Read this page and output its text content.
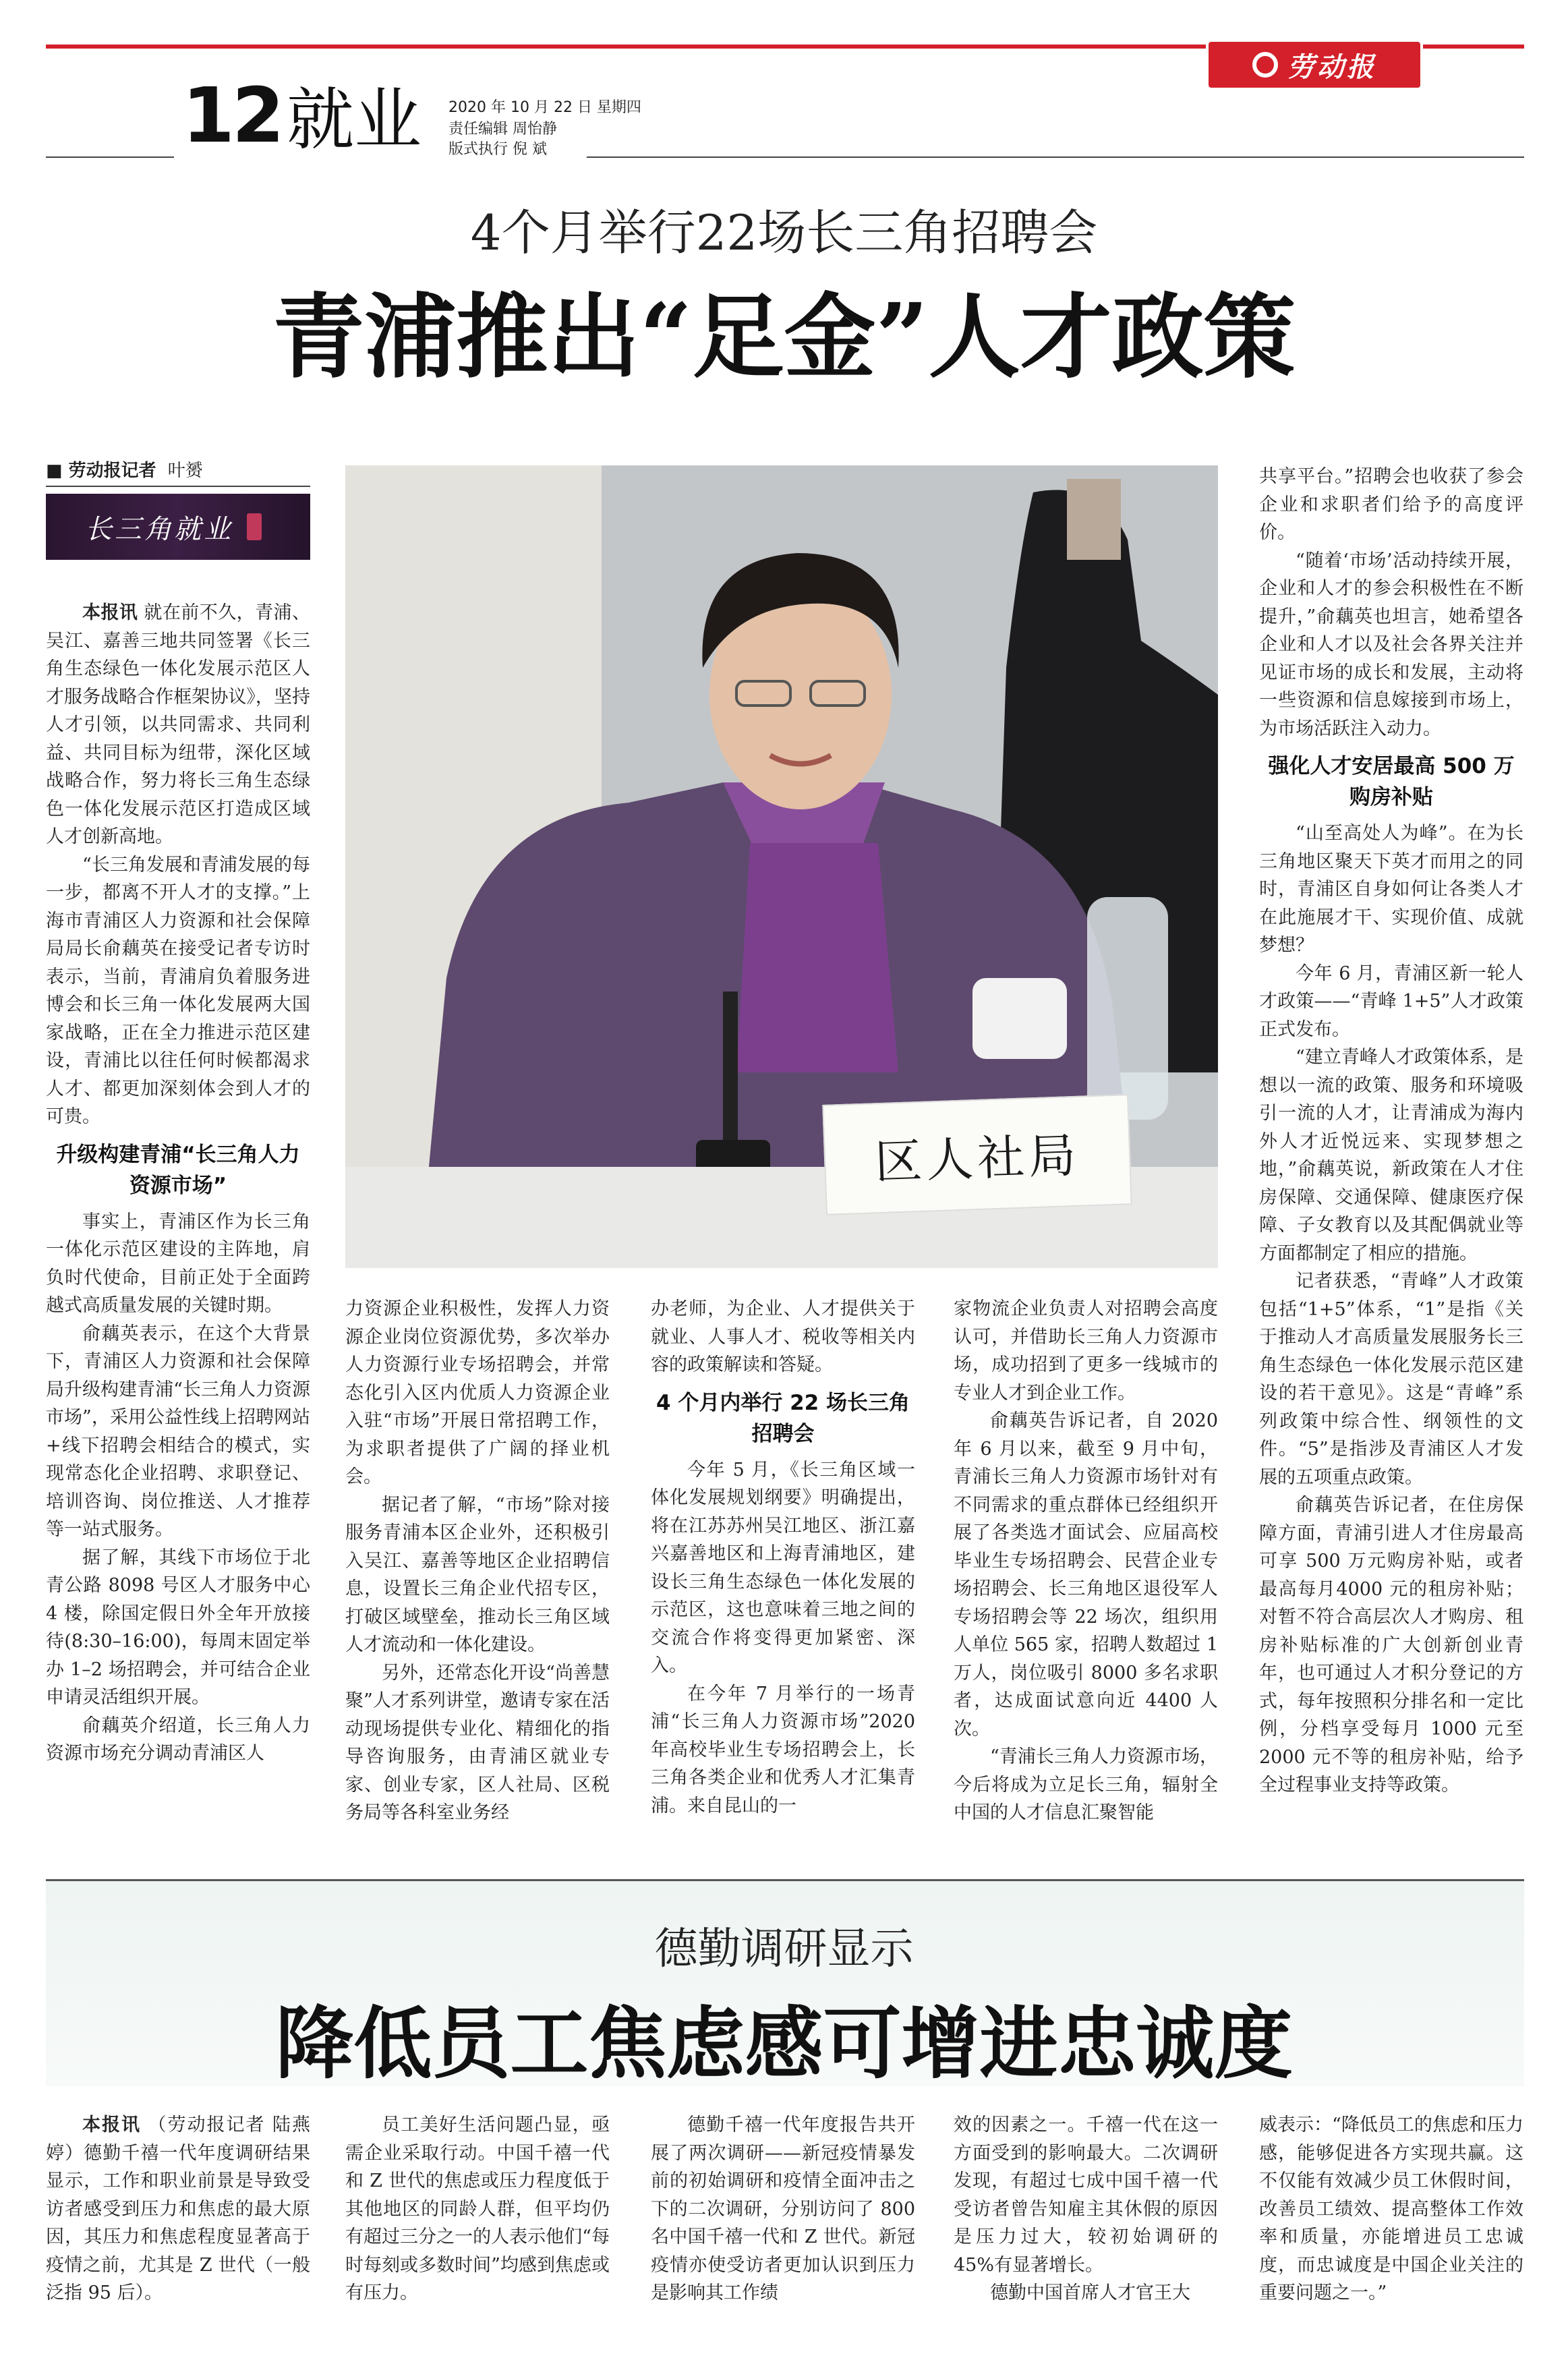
劳动报
12 就业 2020 年 10 月 22 日 星期四
责任编辑 周怡静
版式执行 倪 斌
4个月举行22场长三角招聘会
青浦推出“足金”人才政策
■ 劳动报记者 叶赟
长三角就业
区人社局

本报讯 就在前不久，青浦、吴江、嘉善三地共同签署《长三角生态绿色一体化发展示范区人才服务战略合作框架协议》，坚持人才引领，以共同需求、共同利益、共同目标为纽带，深化区域战略合作，努力将长三角生态绿色一体化发展示范区打造成区域人才创新高地。

“长三角发展和青浦发展的每一步，都离不开人才的支撑。”上海市青浦区人力资源和社会保障局局长俞藕英在接受记者专访时表示，当前，青浦肩负着服务进博会和长三角一体化发展两大国家战略，正在全力推进示范区建设，青浦比以往任何时候都渴求人才、都更加深刻体会到人才的可贵。

升级构建青浦“长三角人力资源市场”

事实上，青浦区作为长三角一体化示范区建设的主阵地，肩负时代使命，目前正处于全面跨越式高质量发展的关键时期。

俞藕英表示，在这个大背景下，青浦区人力资源和社会保障局升级构建青浦“长三角人力资源市场”，采用公益性线上招聘网站+线下招聘会相结合的模式，实现常态化企业招聘、求职登记、培训咨询、岗位推送、人才推荐等一站式服务。

据了解，其线下市场位于北青公路 8098 号区人才服务中心 4 楼，除国定假日外全年开放接待(8:30–16:00)，每周末固定举办 1–2 场招聘会，并可结合企业申请灵活组织开展。

俞藕英介绍道，长三角人力资源市场充分调动青浦区人

力资源企业积极性，发挥人力资源企业岗位资源优势，多次举办人力资源行业专场招聘会，并常态化引入区内优质人力资源企业入驻“市场”开展日常招聘工作，为求职者提供了广阔的择业机会。

据记者了解，“市场”除对接服务青浦本区企业外，还积极引入吴江、嘉善等地区企业招聘信息，设置长三角企业代招专区，打破区域壁垒，推动长三角区域人才流动和一体化建设。

另外，还常态化开设“尚善慧聚”人才系列讲堂，邀请专家在活动现场提供专业化、精细化的指导咨询服务，由青浦区就业专家、创业专家，区人社局、区税务局等各科室业务经

办老师，为企业、人才提供关于就业、人事人才、税收等相关内容的政策解读和答疑。

4 个月内举行 22 场长三角招聘会

今年 5 月，《长三角区域一体化发展规划纲要》明确提出，将在江苏苏州吴江地区、浙江嘉兴嘉善地区和上海青浦地区，建设长三角生态绿色一体化发展的示范区，这也意味着三地之间的交流合作将变得更加紧密、深入。

在今年 7 月举行的一场青浦“长三角人力资源市场”2020 年高校毕业生专场招聘会上，长三角各类企业和优秀人才汇集青浦。来自昆山的一

家物流企业负责人对招聘会高度认可，并借助长三角人力资源市场，成功招到了更多一线城市的专业人才到企业工作。

俞藕英告诉记者，自 2020 年 6 月以来，截至 9 月中旬，青浦长三角人力资源市场针对有不同需求的重点群体已经组织开展了各类选才面试会、应届高校毕业生专场招聘会、民营企业专场招聘会、长三角地区退役军人专场招聘会等 22 场次，组织用人单位 565 家，招聘人数超过 1 万人，岗位吸引 8000 多名求职者，达成面试意向近 4400 人次。

“青浦长三角人力资源市场，今后将成为立足长三角，辐射全中国的人才信息汇聚智能

共享平台。”招聘会也收获了参会企业和求职者们给予的高度评价。

“随着‘市场’活动持续开展，企业和人才的参会积极性在不断提升，”俞藕英也坦言，她希望各企业和人才以及社会各界关注并见证市场的成长和发展，主动将一些资源和信息嫁接到市场上，为市场活跃注入动力。

强化人才安居最高 500 万购房补贴

“山至高处人为峰”。在为长三角地区聚天下英才而用之的同时，青浦区自身如何让各类人才在此施展才干、实现价值、成就梦想？

今年 6 月，青浦区新一轮人才政策——“青峰 1+5”人才政策正式发布。

“建立青峰人才政策体系，是想以一流的政策、服务和环境吸引一流的人才，让青浦成为海内外人才近悦远来、实现梦想之地，”俞藕英说，新政策在人才住房保障、交通保障、健康医疗保障、子女教育以及其配偶就业等方面都制定了相应的措施。

记者获悉，“青峰”人才政策包括“1+5”体系，“1”是指《关于推动人才高质量发展服务长三角生态绿色一体化发展示范区建设的若干意见》。这是“青峰”系列政策中综合性、纲领性的文件。“5”是指涉及青浦区人才发展的五项重点政策。

俞藕英告诉记者，在住房保障方面，青浦引进人才住房最高可享 500 万元购房补贴，或者最高每月4000 元的租房补贴；对暂不符合高层次人才购房、租房补贴标准的广大创新创业青年，也可通过人才积分登记的方式，每年按照积分排名和一定比例，分档享受每月 1000 元至 2000 元不等的租房补贴，给予全过程事业支持等政策。

德勤调研显示
降低员工焦虑感可增进忠诚度

本报讯 （劳动报记者 陆燕婷）德勤千禧一代年度调研结果显示，工作和职业前景是导致受访者感受到压力和焦虑的最大原因，其压力和焦虑程度显著高于疫情之前，尤其是 Z 世代（一般泛指 95 后）。

员工美好生活问题凸显，亟需企业采取行动。中国千禧一代和 Z 世代的焦虑或压力程度低于其他地区的同龄人群，但平均仍有超过三分之一的人表示他们“每时每刻或多数时间”均感到焦虑或有压力。

德勤千禧一代年度报告共开展了两次调研——新冠疫情暴发前的初始调研和疫情全面冲击之下的二次调研，分别访问了 800 名中国千禧一代和 Z 世代。新冠疫情亦使受访者更加认识到压力是影响其工作绩

效的因素之一。千禧一代在这一方面受到的影响最大。二次调研发现，有超过七成中国千禧一代受访者曾告知雇主其休假的原因是压力过大，较初始调研的 45%有显著增长。

德勤中国首席人才官王大

威表示：“降低员工的焦虑和压力感，能够促进各方实现共赢。这不仅能有效减少员工休假时间，改善员工绩效、提高整体工作效率和质量，亦能增进员工忠诚度，而忠诚度是中国企业关注的重要问题之一。”
